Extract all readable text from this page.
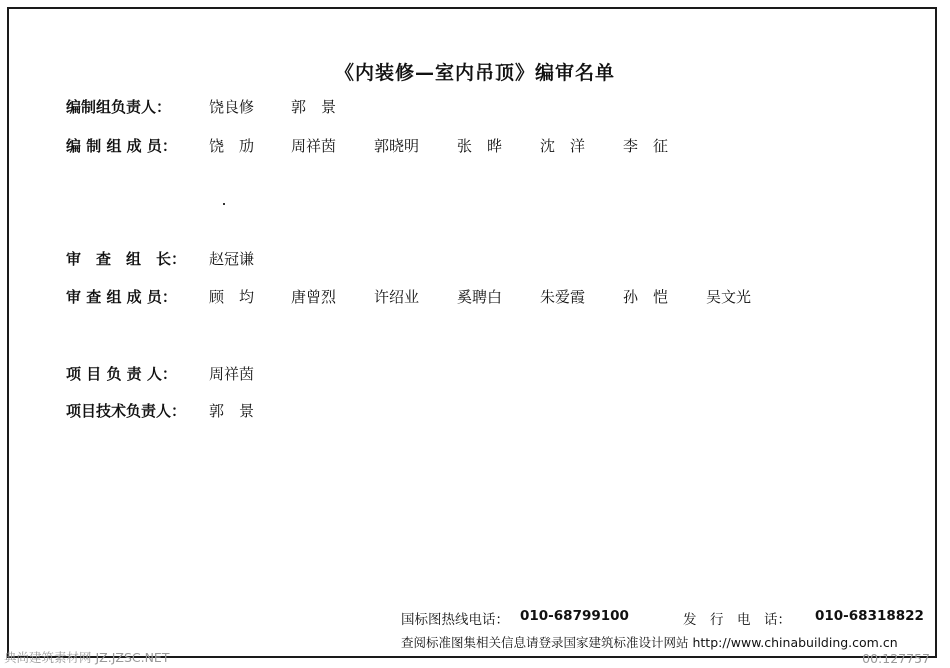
《内装修—室内吊顶》编审名单
编制组负责人：	饶良修 郭　景
编 制 组 成 员： 饶　劢 周祥茵	郭晓明	张　晔	沈　洋	李　征
审　查　组　长： 赵冠谦
审 查 组 成 员： 顾　均 唐曾烈	许绍业	奚聘白	朱爱霞	孙　恺	吴文光
项 目 负 责 人： 周祥茵
项目技术负责人： 郭　景
国标图热线电话： 010-68799100	发　行　电　话： 010-68318822
查阅标准图集相关信息请登录国家建筑标准设计网站 http://www.chinabuilding.com.cn
典尚建筑素材网 JZ.JZSC.NET	00:127757
